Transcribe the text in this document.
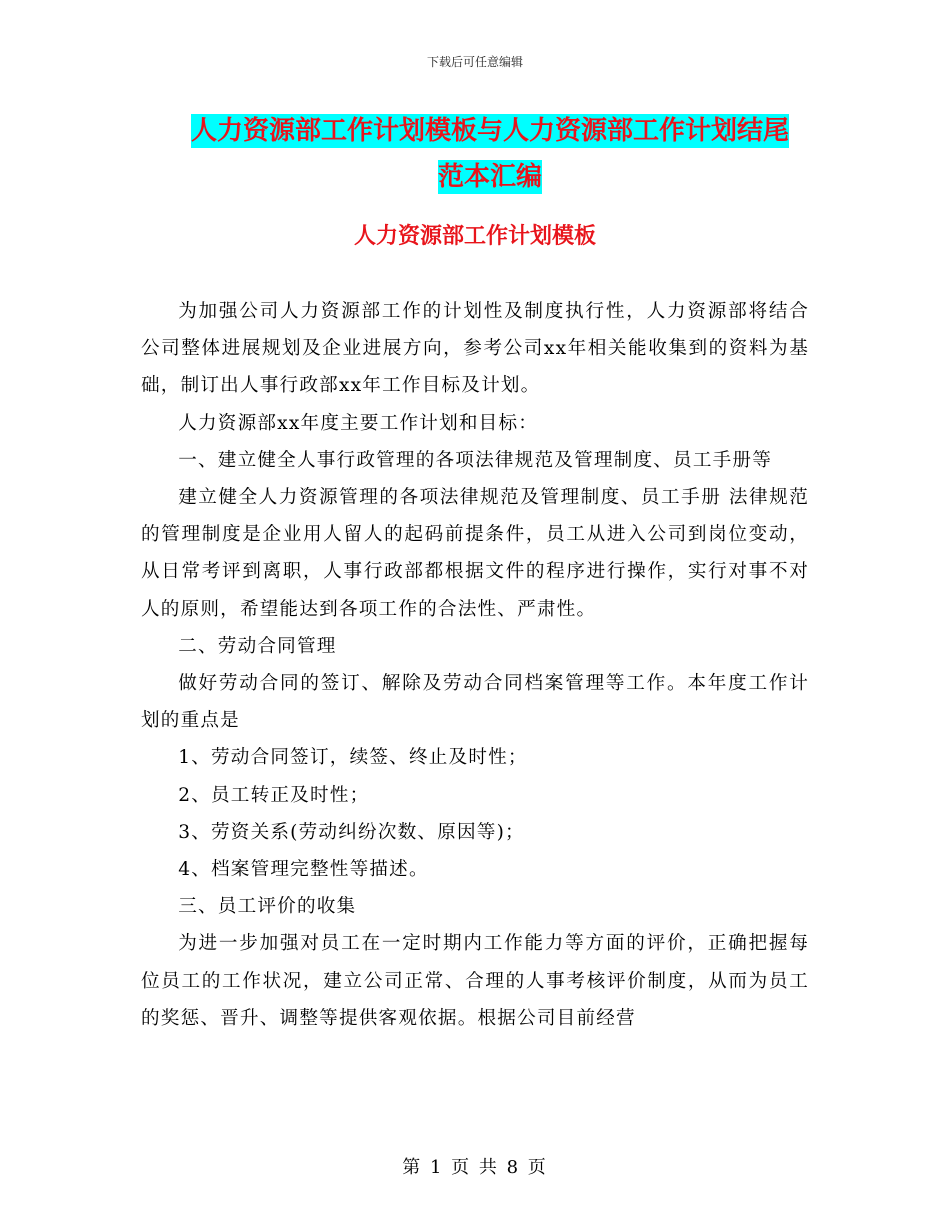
下载后可任意编辑
人力资源部工作计划模板与人力资源部工作计划结尾
范本汇编
人力资源部工作计划模板

为加强公司人力资源部工作的计划性及制度执行性，人力资源部将结合公司整体进展规划及企业进展方向，参考公司xx年相关能收集到的资料为基础，制订出人事行政部xx年工作目标及计划。

人力资源部xx年度主要工作计划和目标：

一、建立健全人事行政管理的各项法律规范及管理制度、员工手册等

建立健全人力资源管理的各项法律规范及管理制度、员工手册 法律规范的管理制度是企业用人留人的起码前提条件，员工从进入公司到岗位变动，从日常考评到离职，人事行政部都根据文件的程序进行操作，实行对事不对人的原则，希望能达到各项工作的合法性、严肃性。

二、劳动合同管理

做好劳动合同的签订、解除及劳动合同档案管理等工作。本年度工作计划的重点是

1、劳动合同签订，续签、终止及时性；

2、员工转正及时性；

3、劳资关系(劳动纠纷次数、原因等)；

4、档案管理完整性等描述。

三、员工评价的收集

为进一步加强对员工在一定时期内工作能力等方面的评价，正确把握每位员工的工作状况，建立公司正常、合理的人事考核评价制度，从而为员工的奖惩、晋升、调整等提供客观依据。根据公司目前经营

第 1 页 共 8 页
